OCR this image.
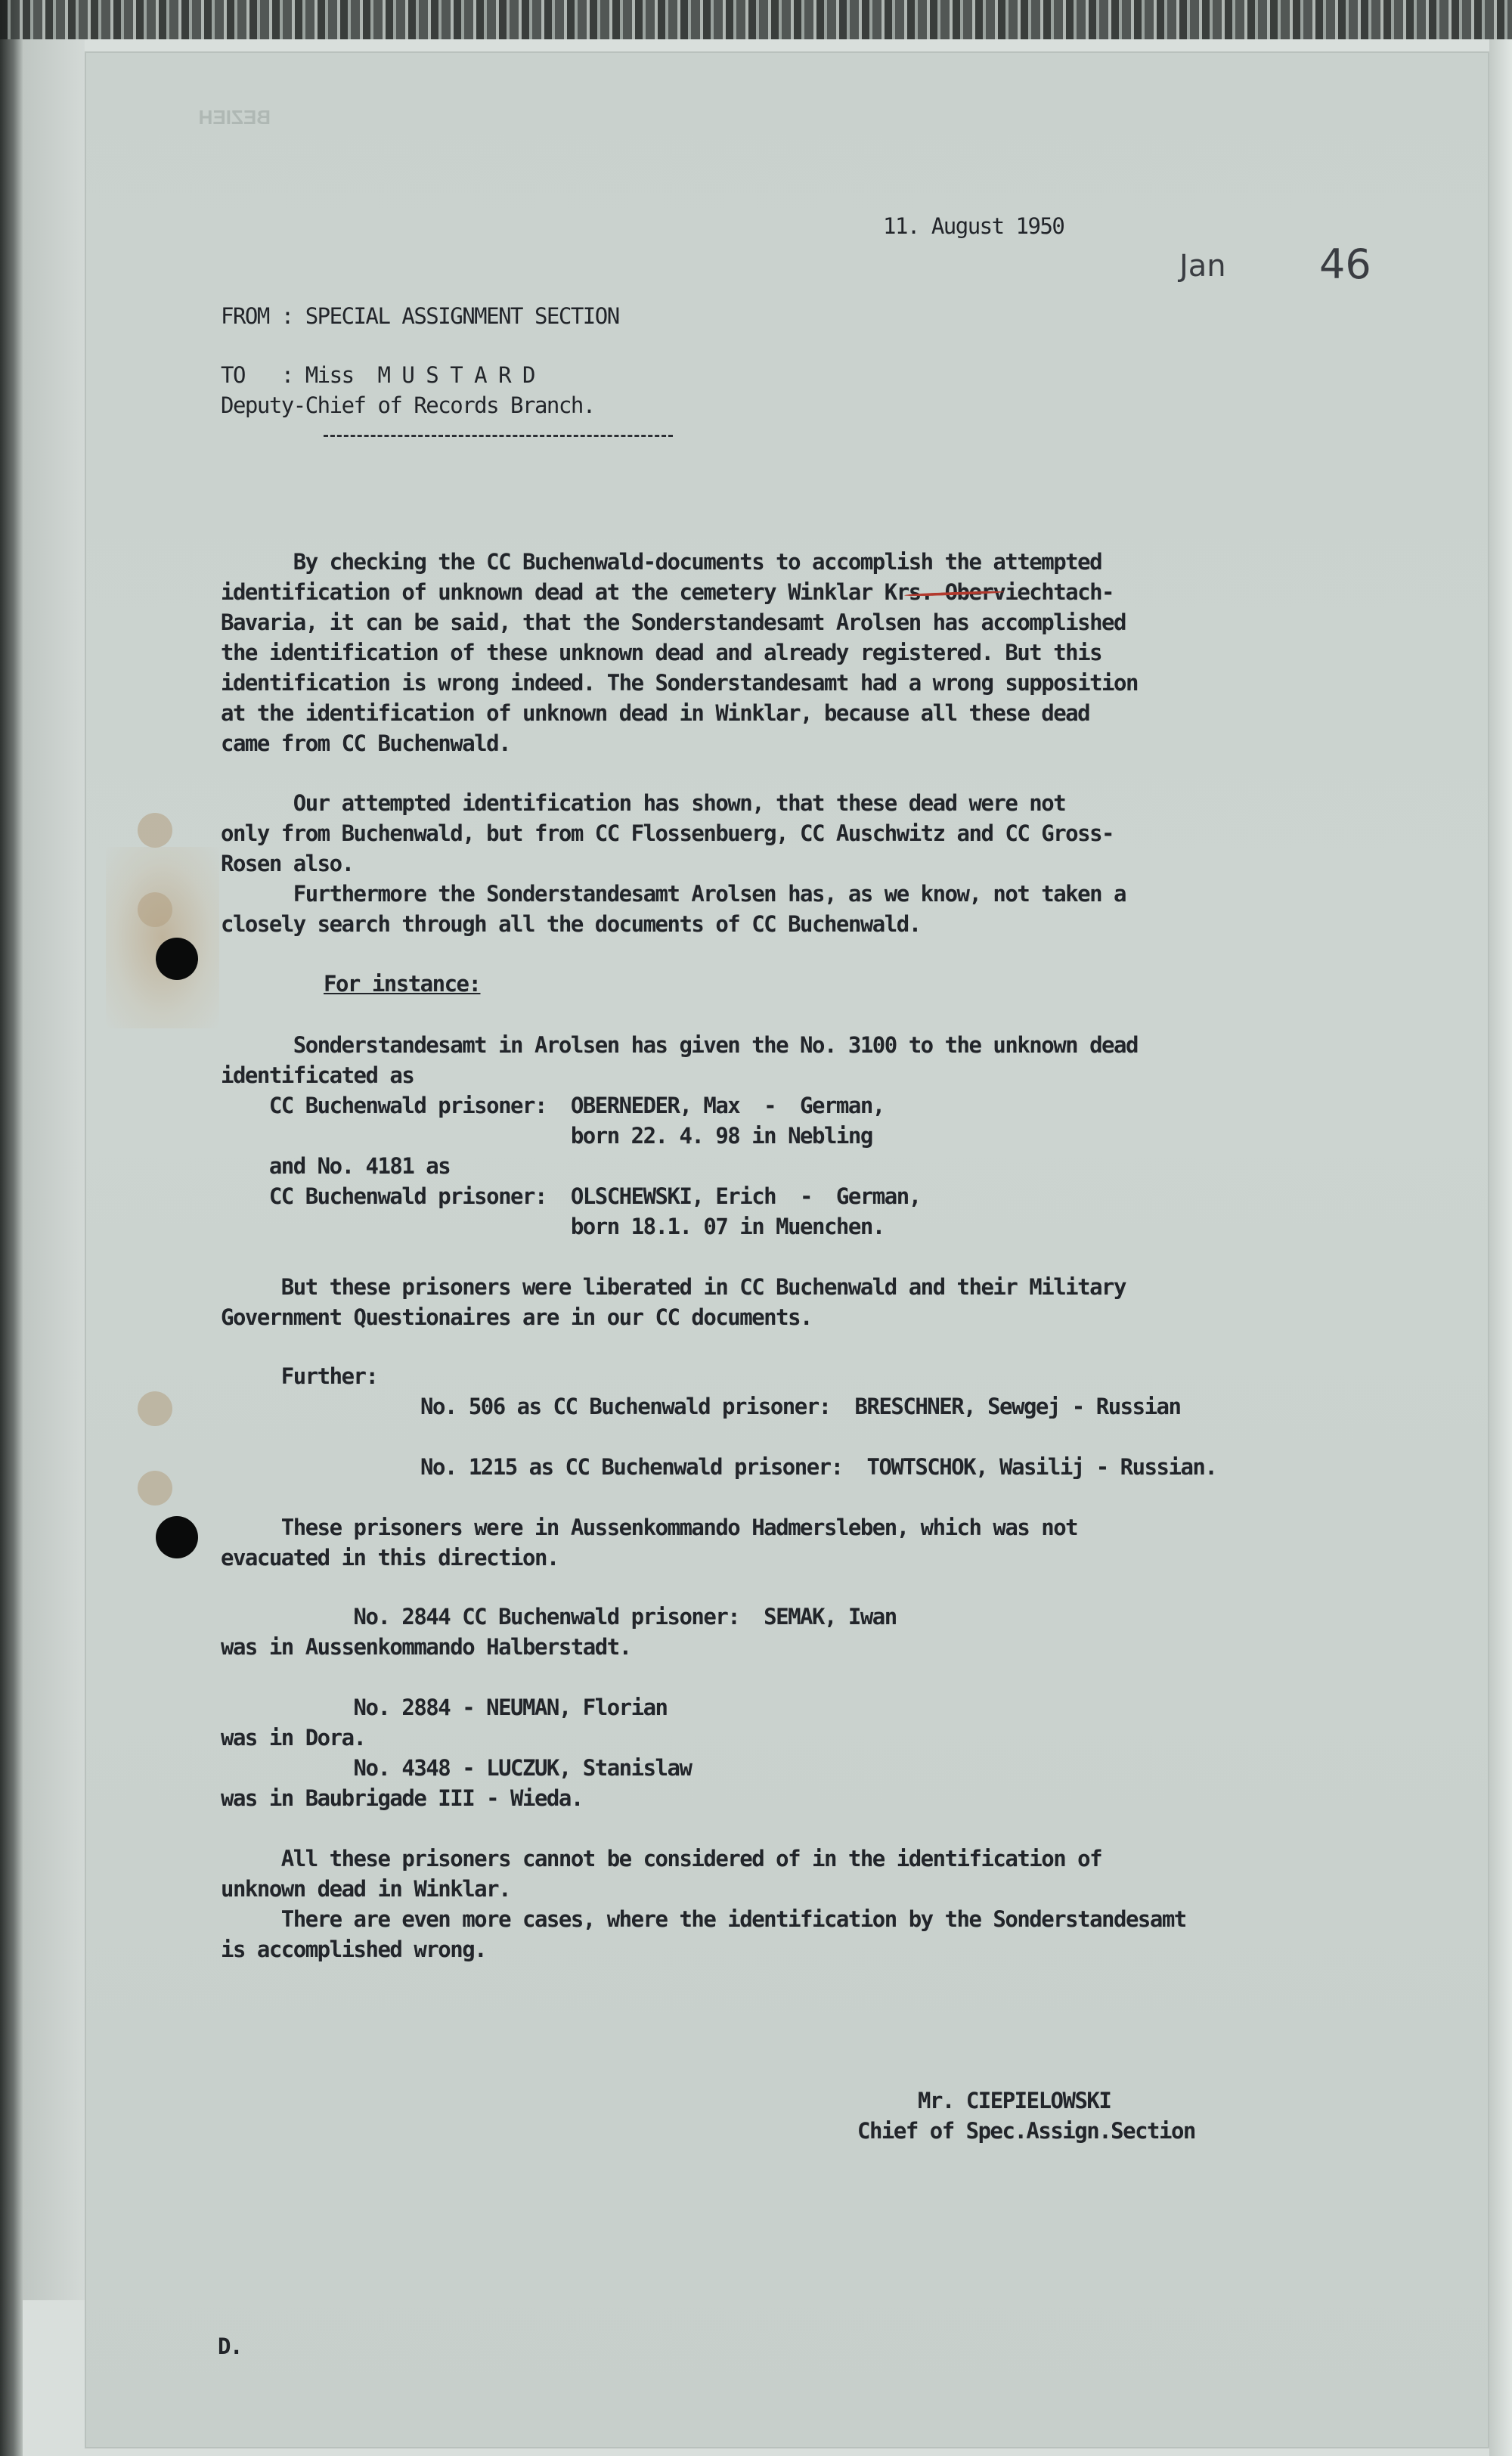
BEZIEH
11. August 1950
Jan 46
FROM : SPECIAL ASSIGNMENT SECTION
TO   : Miss  M U S T A R D
Deputy-Chief of Records Branch.
By checking the CC Buchenwald-documents to accomplish the attempted
identification of unknown dead at the cemetery Winklar Krs. Oberviechtach-
Bavaria, it can be said, that the Sonderstandesamt Arolsen has accomplished
the identification of these unknown dead and already registered. But this
identification is wrong indeed. The Sonderstandesamt had a wrong supposition
at the identification of unknown dead in Winklar, because all these dead
came from CC Buchenwald.
Our attempted identification has shown, that these dead were not
only from Buchenwald, but from CC Flossenbuerg, CC Auschwitz and CC Gross-
Rosen also.
Furthermore the Sonderstandesamt Arolsen has, as we know, not taken a
closely search through all the documents of CC Buchenwald.
For instance:
Sonderstandesamt in Arolsen has given the No. 3100 to the unknown dead
identificated as
CC Buchenwald prisoner:  OBERNEDER, Max  -  German,
born 22. 4. 98 in Nebling
and No. 4181 as
CC Buchenwald prisoner:  OLSCHEWSKI, Erich  -  German,
born 18.1. 07 in Muenchen.
But these prisoners were liberated in CC Buchenwald and their Military
Government Questionaires are in our CC documents.
Further:
No. 506 as CC Buchenwald prisoner:  BRESCHNER, Sewgej - Russian
No. 1215 as CC Buchenwald prisoner:  TOWTSCHOK, Wasilij - Russian.
These prisoners were in Aussenkommando Hadmersleben, which was not
evacuated in this direction.
No. 2844 CC Buchenwald prisoner:  SEMAK, Iwan
was in Aussenkommando Halberstadt.
No. 2884 - NEUMAN, Florian
was in Dora.
No. 4348 - LUCZUK, Stanislaw
was in Baubrigade III - Wieda.
All these prisoners cannot be considered of in the identification of
unknown dead in Winklar.
There are even more cases, where the identification by the Sonderstandesamt
is accomplished wrong.
Mr. CIEPIELOWSKI
Chief of Spec.Assign.Section
D.
